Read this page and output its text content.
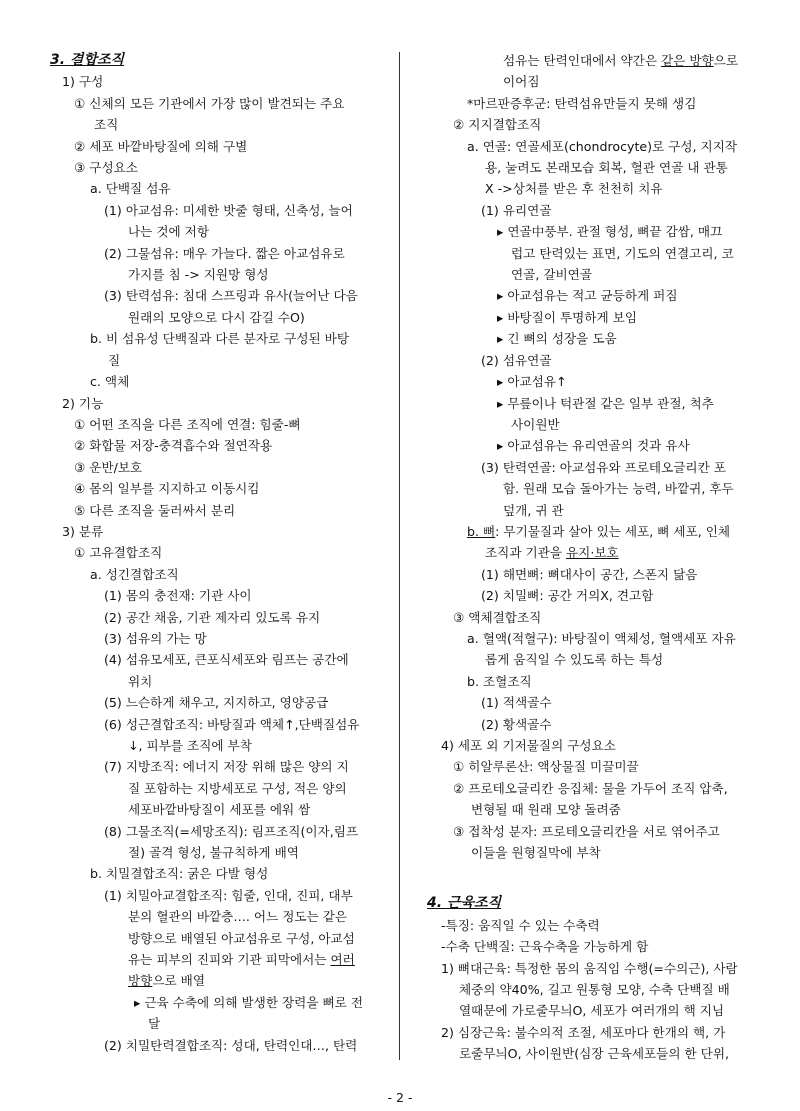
3. 결합조직
1) 구성
① 신체의 모든 기관에서 가장 많이 발견되는 주요
조직
② 세포 바깥바탕질에 의해 구별
③ 구성요소
a. 단백질 섬유
(1) 아교섬유: 미세한 밧줄 형태, 신축성, 늘어
나는 것에 저항
(2) 그물섬유: 매우 가늘다. 짧은 아교섬유로
가지를 침 -> 지원망 형성
(3) 탄력섬유: 침대 스프링과 유사(늘어난 다음
원래의 모양으로 다시 감길 수O)
b. 비 섬유성 단백질과 다른 분자로 구성된 바탕
질
c. 액체
2) 기능
① 어떤 조직을 다른 조직에 연결: 힘줄-뼈
② 화합물 저장-충격흡수와 절연작용
③ 운반/보호
④ 몸의 일부를 지지하고 이동시킴
⑤ 다른 조직을 둘러싸서 분리
3) 분류
① 고유결합조직
a. 성긴결합조직
(1) 몸의 충전재: 기관 사이
(2) 공간 채움, 기관 제자리 있도록 유지
(3) 섬유의 가는 망
(4) 섬유모세포, 큰포식세포와 림프는 공간에
위치
(5) 느슨하게 채우고, 지지하고, 영양공급
(6) 성근결합조직: 바탕질과 액체↑,단백질섬유
↓, 피부를 조직에 부착
(7) 지방조직: 에너지 저장 위해 많은 양의 지
질 포함하는 지방세포로 구성, 적은 양의
세포바깥바탕질이 세포를 에워 쌈
(8) 그물조직(=세망조직): 림프조직(이자,림프
절) 골격 형성, 불규칙하게 배역
b. 치밀결합조직: 굵은 다발 형성
(1) 치밀아교결합조직: 힘줄, 인대, 진피, 대부
분의 혈관의 바깥층…. 어느 정도는 같은
방향으로 배열된 아교섬유로 구성, 아교섬
유는 피부의 진피와 기관 피막에서는 여러
방향으로 배열
▸ 근육 수축에 의해 발생한 장력을 뼈로 전
달
(2) 치밀탄력결합조직: 성대, 탄력인대…, 탄력
섬유는 탄력인대에서 약간은 같은 방향으로
이어짐
*마르판증후군: 탄력섬유만들지 못해 생김
② 지지결합조직
a. 연골: 연골세포(chondrocyte)로 구성, 지지작
용, 눌려도 본래모습 회복, 혈관 연골 내 관통
X ->상처를 받은 후 천천히 치유
(1) 유리연골
▸ 연골中풍부. 관절 형성, 뼈끝 감쌈, 매끄
럽고 탄력있는 표면, 기도의 연결고리, 코
연골, 갈비연골
▸ 아교섬유는 적고 균등하게 퍼짐
▸ 바탕질이 투명하게 보임
▸ 긴 뼈의 성장을 도움
(2) 섬유연골
▸ 아교섬유↑
▸ 무릎이나 턱관절 같은 일부 관절, 척추
사이원반
▸ 아교섬유는 유리연골의 것과 유사
(3) 탄력연골: 아교섬유와 프로테오글리칸 포
함. 원래 모습 돌아가는 능력, 바깥귀, 후두
덮개, 귀 관
b. 뼈: 무기물질과 살아 있는 세포, 뼈 세포, 인체
조직과 기관을 유지·보호
(1) 해면뼈: 뼈대사이 공간, 스폰지 닮음
(2) 치밀뼈: 공간 거의X, 견고함
③ 액체결합조직
a. 혈액(적혈구): 바탕질이 액체성, 혈액세포 자유
롭게 움직일 수 있도록 하는 특성
b. 조혈조직
(1) 적색골수
(2) 황색골수
4) 세포 외 기저물질의 구성요소
① 히알루론산: 액상물질 미끌미끌
② 프로테오글리칸 응집체: 물을 가두어 조직 압축,
변형될 때 원래 모양 돌려줌
③ 접착성 분자: 프로테오글리칸을 서로 엮어주고
이들을 원형질막에 부착
4. 근육조직
-특징: 움직일 수 있는 수축력
-수축 단백질: 근육수축을 가능하게 함
1) 뼈대근육: 특정한 몸의 움직임 수행(=수의근), 사람
체중의 약40%, 길고 원통형 모양, 수축 단백질 배
열때문에 가로줄무늬O, 세포가 여러개의 핵 지님
2) 심장근육: 불수의적 조절, 세포마다 한개의 핵, 가
로줄무늬O, 사이원반(심장 근육세포들의 한 단위,
- 2 -
